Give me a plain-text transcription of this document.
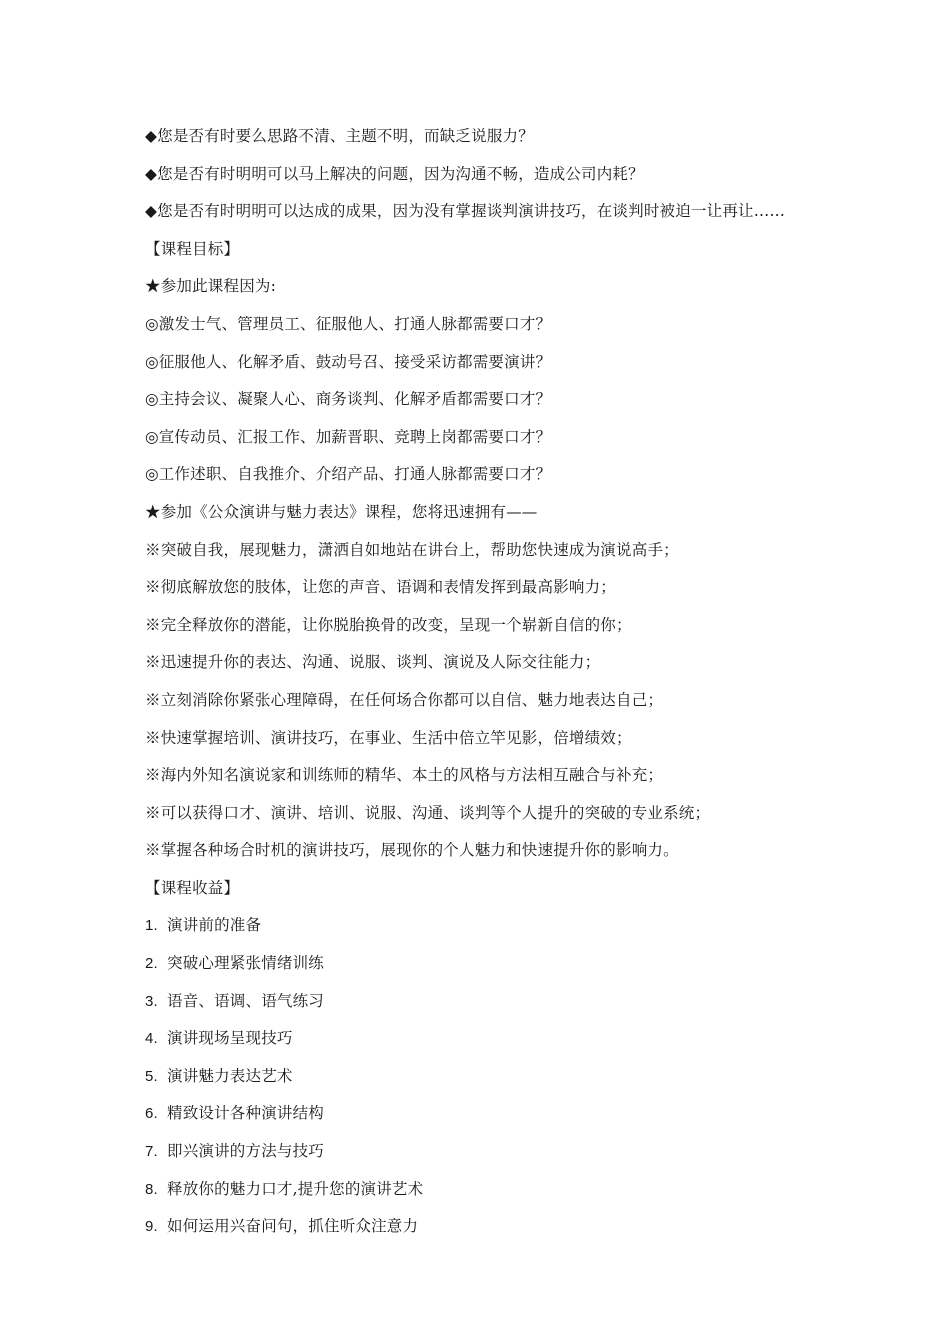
◆您是否有时要么思路不清、主题不明，而缺乏说服力？
◆您是否有时明明可以马上解决的问题，因为沟通不畅，造成公司内耗？
◆您是否有时明明可以达成的成果，因为没有掌握谈判演讲技巧，在谈判时被迫一让再让……
【课程目标】
★参加此课程因为:
◎激发士气、管理员工、征服他人、打通人脉都需要口才？
◎征服他人、化解矛盾、鼓动号召、接受采访都需要演讲？
◎主持会议、凝聚人心、商务谈判、化解矛盾都需要口才？
◎宣传动员、汇报工作、加薪晋职、竞聘上岗都需要口才？
◎工作述职、自我推介、介绍产品、打通人脉都需要口才？
★参加《公众演讲与魅力表达》课程，您将迅速拥有——
※突破自我，展现魅力，潇洒自如地站在讲台上，帮助您快速成为演说高手；
※彻底解放您的肢体，让您的声音、语调和表情发挥到最高影响力；
※完全释放你的潜能，让你脱胎换骨的改变，呈现一个崭新自信的你；
※迅速提升你的表达、沟通、说服、谈判、演说及人际交往能力；
※立刻消除你紧张心理障碍，在任何场合你都可以自信、魅力地表达自己；
※快速掌握培训、演讲技巧，在事业、生活中倍立竿见影，倍增绩效；
※海内外知名演说家和训练师的精华、本土的风格与方法相互融合与补充；
※可以获得口才、演讲、培训、说服、沟通、谈判等个人提升的突破的专业系统；
※掌握各种场合时机的演讲技巧，展现你的个人魅力和快速提升你的影响力。
【课程收益】
1. 演讲前的准备
2. 突破心理紧张情绪训练
3. 语音、语调、语气练习
4. 演讲现场呈现技巧
5. 演讲魅力表达艺术
6. 精致设计各种演讲结构
7. 即兴演讲的方法与技巧
8. 释放你的魅力口才,提升您的演讲艺术
9. 如何运用兴奋问句，抓住听众注意力
